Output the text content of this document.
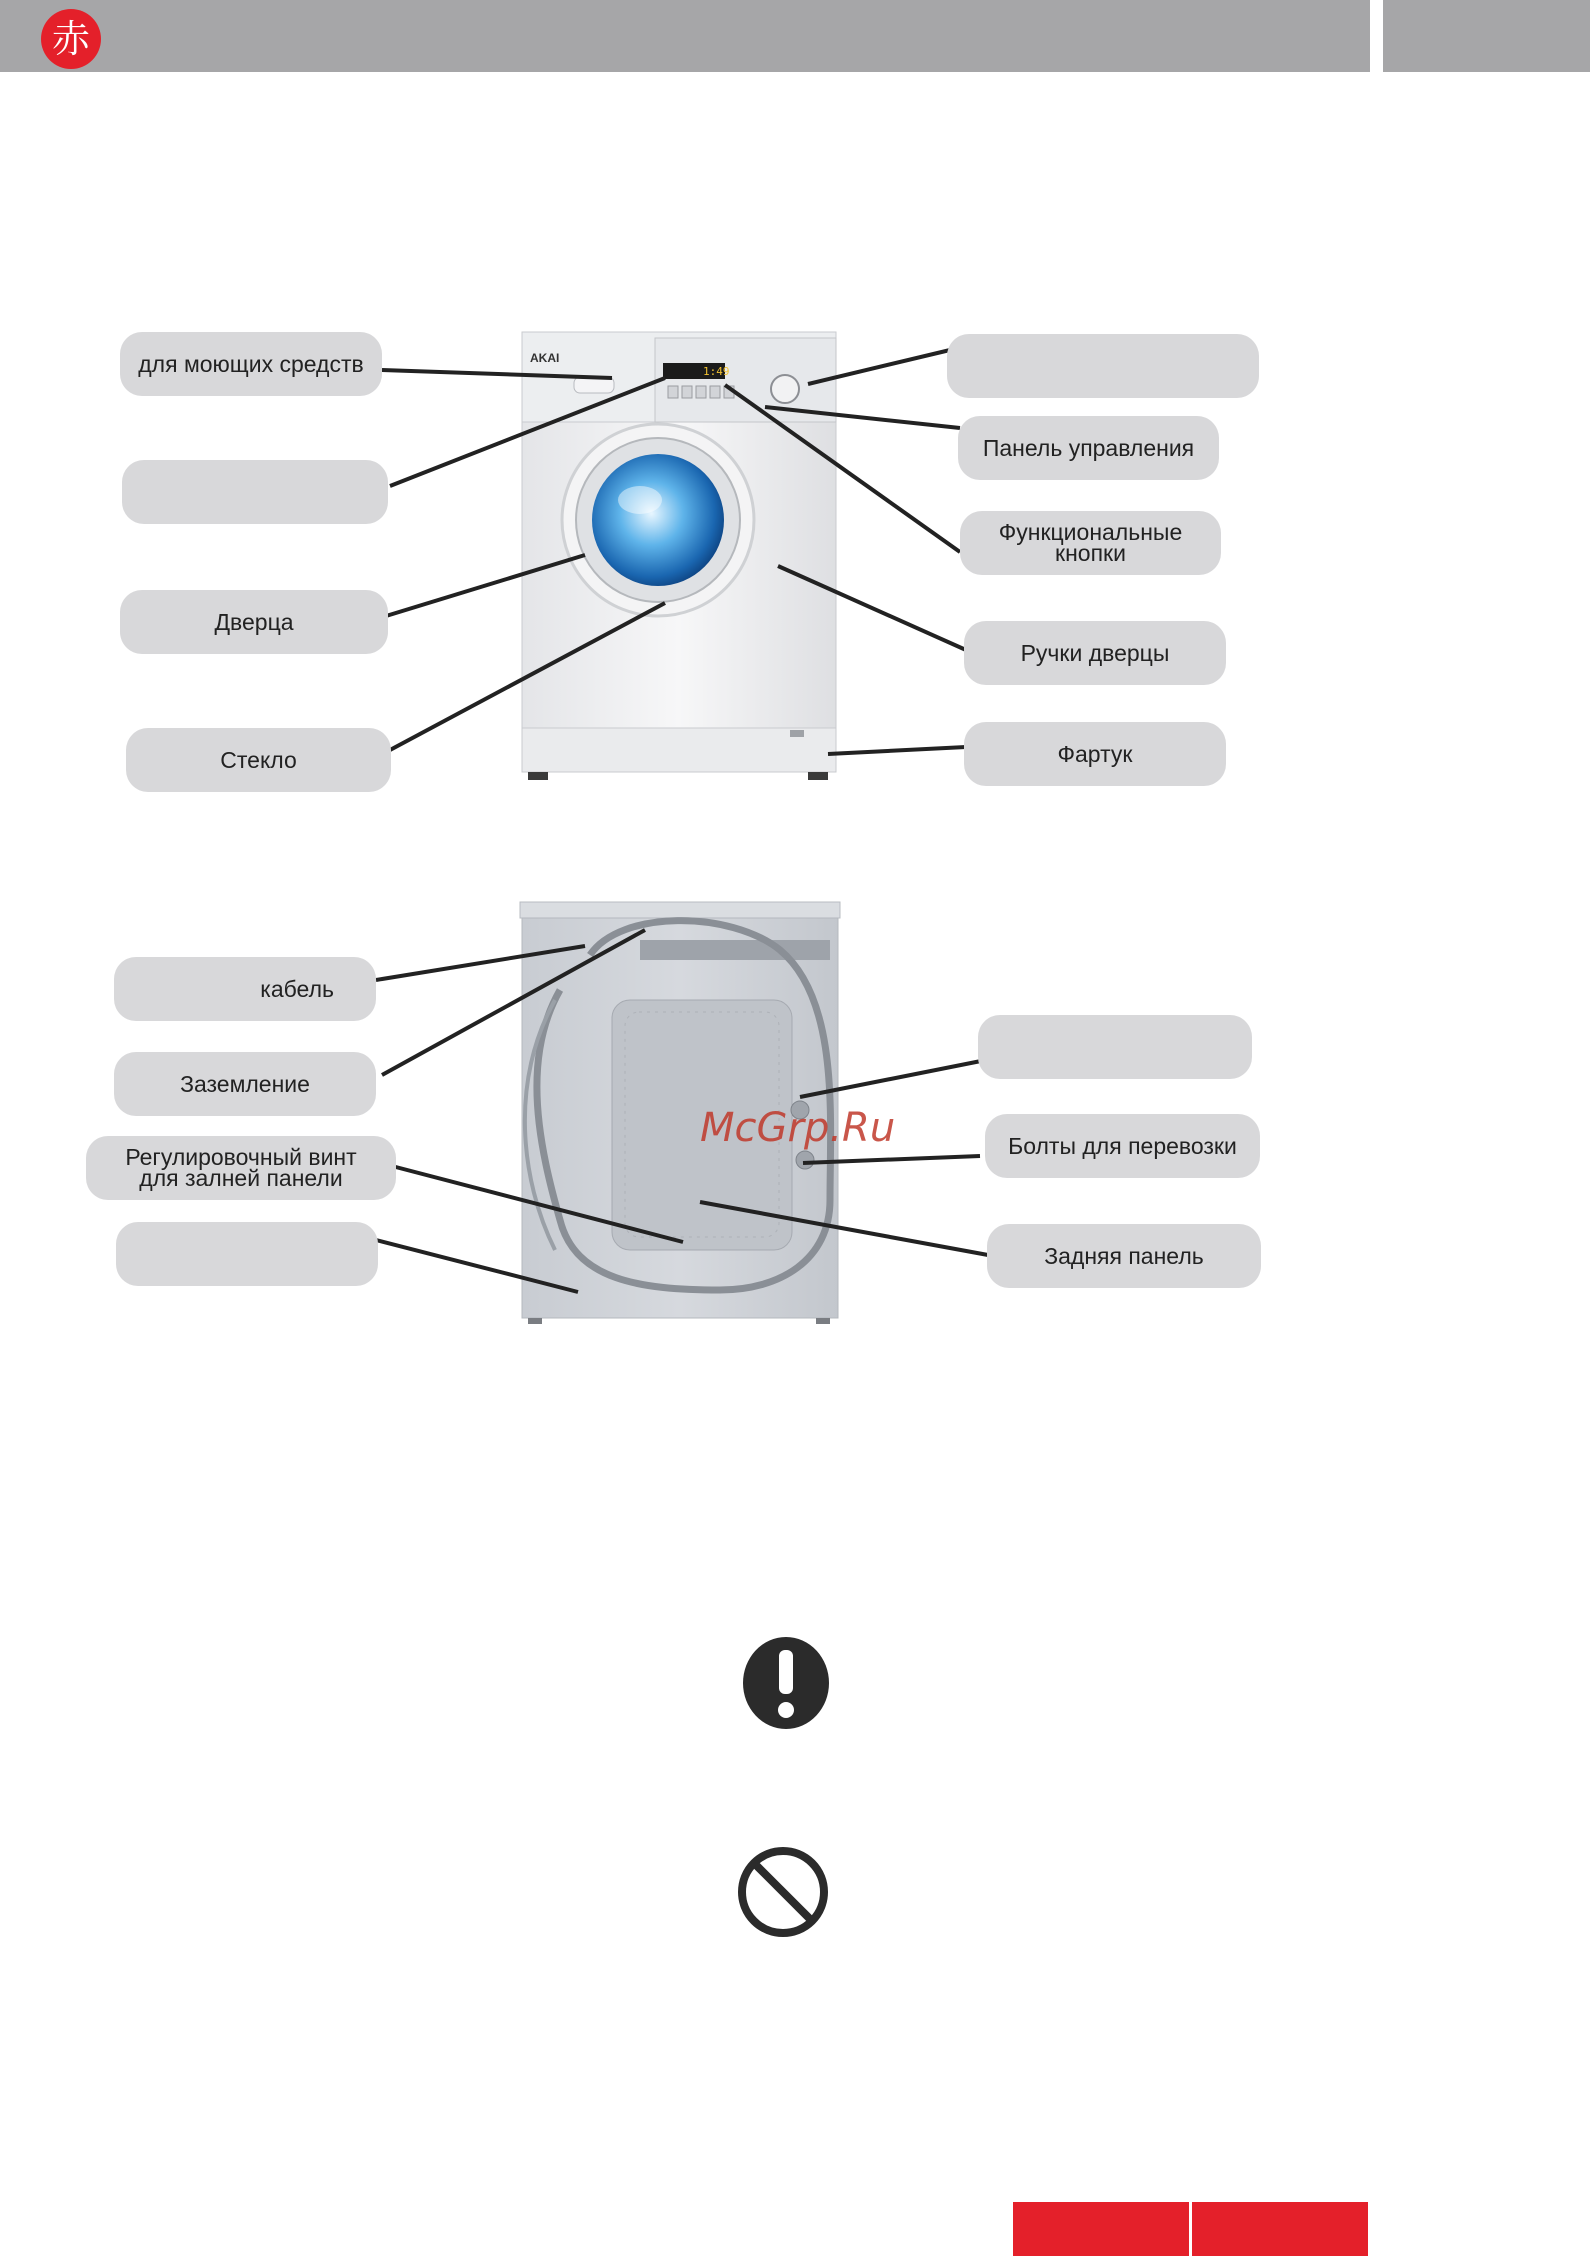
赤
AKAI
1:49
для моющих средств
Дверца
Стекло
Панель управления
Функциональные
кнопки
Ручки дверцы
Фартук
кабель
Заземление
Регулировочный винт
для залней панели
Болты для перевозки
Задняя панель
McGrp.Ru
